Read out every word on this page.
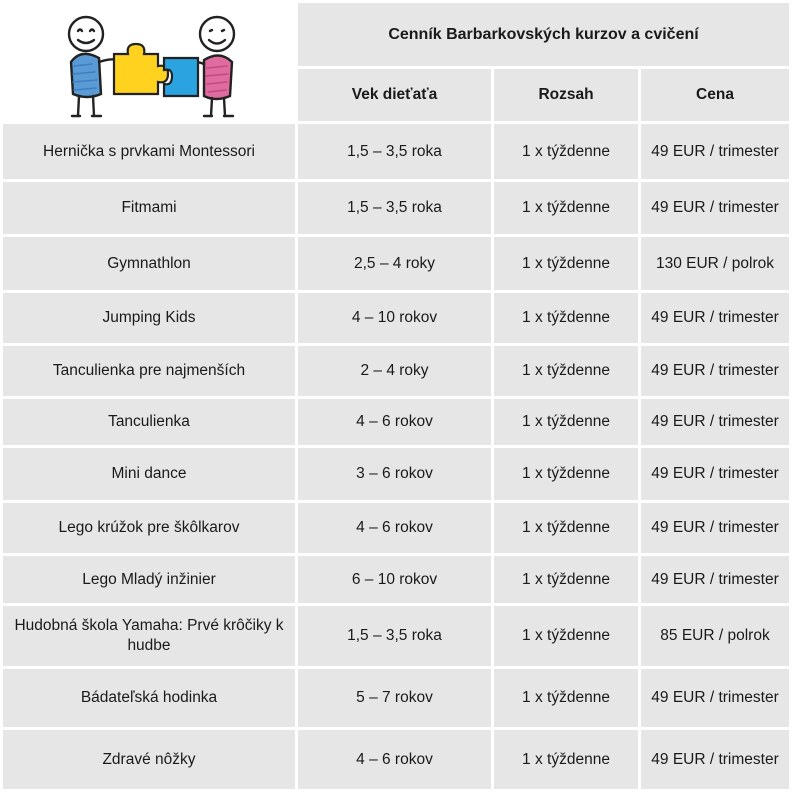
	Cenník Barbarkovských kurzov a cvičení		
	Vek dieťaťa	Rozsah	Cena
Hernička s prvkami Montessori	1,5 – 3,5 roka	1 x týždenne	49 EUR / trimester
Fitmami	1,5 – 3,5 roka	1 x týždenne	49 EUR / trimester
Gymnathlon	2,5 – 4 roky	1 x týždenne	130 EUR / polrok
Jumping Kids	4 – 10 rokov	1 x týždenne	49 EUR / trimester
Tanculienka pre najmenších	2 – 4 roky	1 x týždenne	49 EUR / trimester
Tanculienka	4 – 6 rokov	1 x týždenne	49 EUR / trimester
Mini dance	3 – 6 rokov	1 x týždenne	49 EUR / trimester
Lego krúžok pre škôlkarov	4 – 6 rokov	1 x týždenne	49 EUR / trimester
Lego Mladý inžinier	6 – 10 rokov	1 x týždenne	49 EUR / trimester
Hudobná škola Yamaha: Prvé krôčiky k hudbe	1,5 – 3,5 roka	1 x týždenne	85 EUR / polrok
Bádateľská hodinka	5 – 7 rokov	1 x týždenne	49 EUR / trimester
Zdravé nôžky	4 – 6 rokov	1 x týždenne	49 EUR / trimester
